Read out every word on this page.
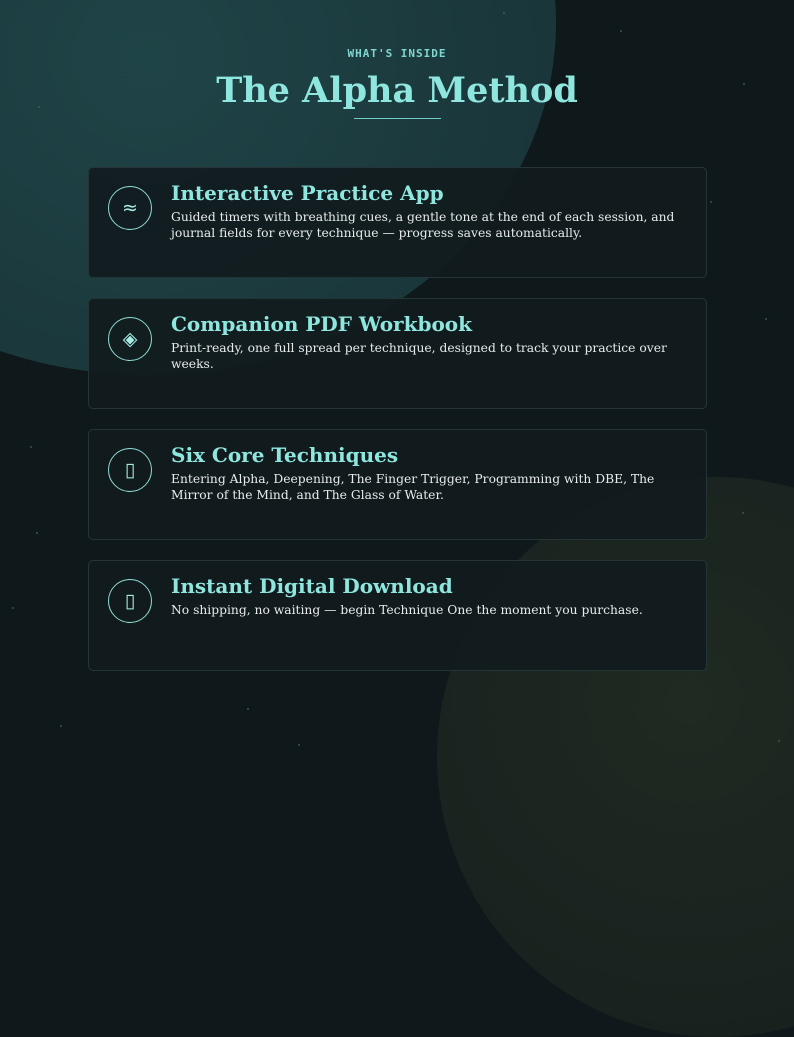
WHAT'S INSIDE
The Alpha Method
≈
Interactive Practice App
Guided timers with breathing cues, a gentle tone at the end of each session, and journal fields for every technique — progress saves automatically.
◈
Companion PDF Workbook
Print-ready, one full spread per technique, designed to track your practice over weeks.
▯
Six Core Techniques
Entering Alpha, Deepening, The Finger Trigger, Programming with DBE, The Mirror of the Mind, and The Glass of Water.
▯
Instant Digital Download
No shipping, no waiting — begin Technique One the moment you purchase.
